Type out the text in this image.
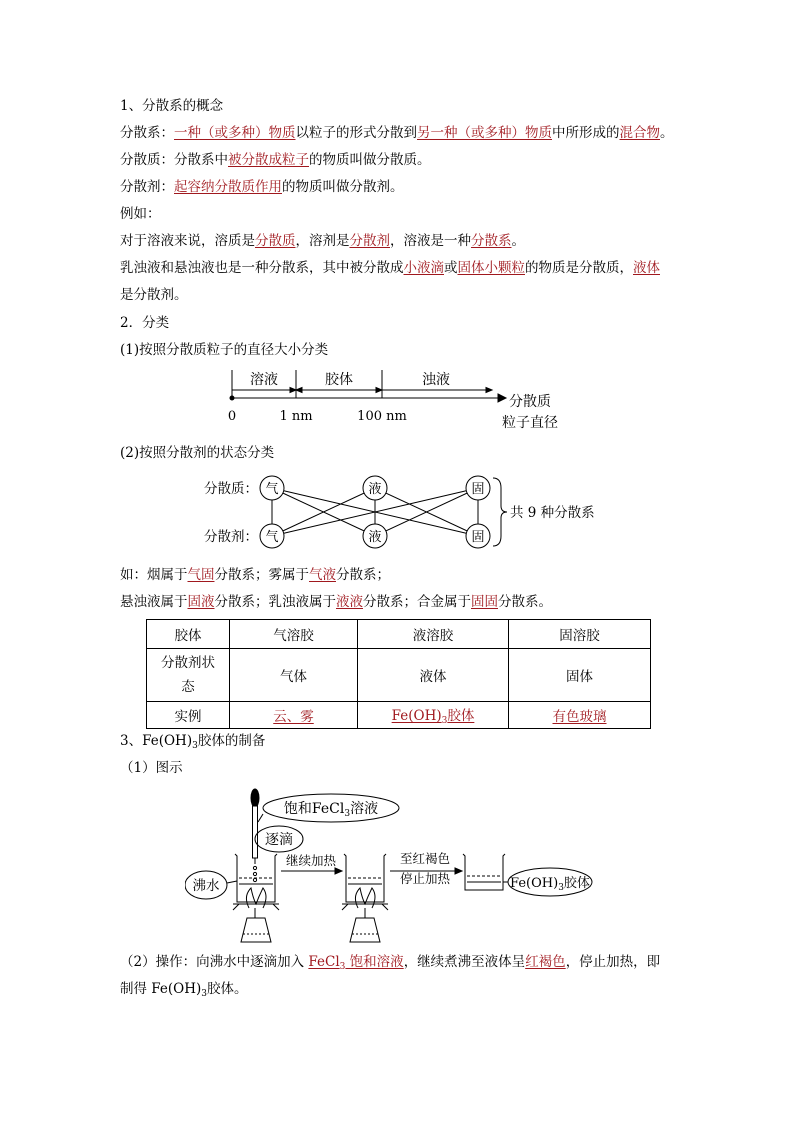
1、分散系的概念
分散系：一种（或多种）物质以粒子的形式分散到另一种（或多种）物质中所形成的混合物。
分散质：分散系中被分散成粒子的物质叫做分散质。
分散剂：起容纳分散质作用的物质叫做分散剂。
例如：
对于溶液来说，溶质是分散质，溶剂是分散剂，溶液是一种分散系。
乳浊液和悬浊液也是一种分散系，其中被分散成小液滴或固体小颗粒的物质是分散质，液体
是分散剂。
2．分类
(1)按照分散质粒子的直径大小分类
溶液	胶体	浊液
0	1 nm	100 nm
分散质
粒子直径
(2)按照分散剂的状态分类
分散质：
分散剂：
气	液	固
气	液	固
共 9 种分散系
如：烟属于气固分散系；雾属于气液分散系；
悬浊液属于固液分散系；乳浊液属于液液分散系；合金属于固固分散系。
胶体	气溶胶	液溶胶	固溶胶
分散剂状
态	气体	液体	固体
实例	云、雾	$Fe(OH)_3$胶体	有色玻璃
3、$Fe(OH)_3$胶体的制备
（1）图示
饱和FeCl$_3$溶液
逐滴
沸水
继续加热	至红褐色
停止加热	$Fe(OH)_3$胶体
（2）操作：向沸水中逐滴加入 FeCl$_3$ 饱和溶液，继续煮沸至液体呈红褐色，停止加热，即
制得 $Fe(OH)_3$胶体。
